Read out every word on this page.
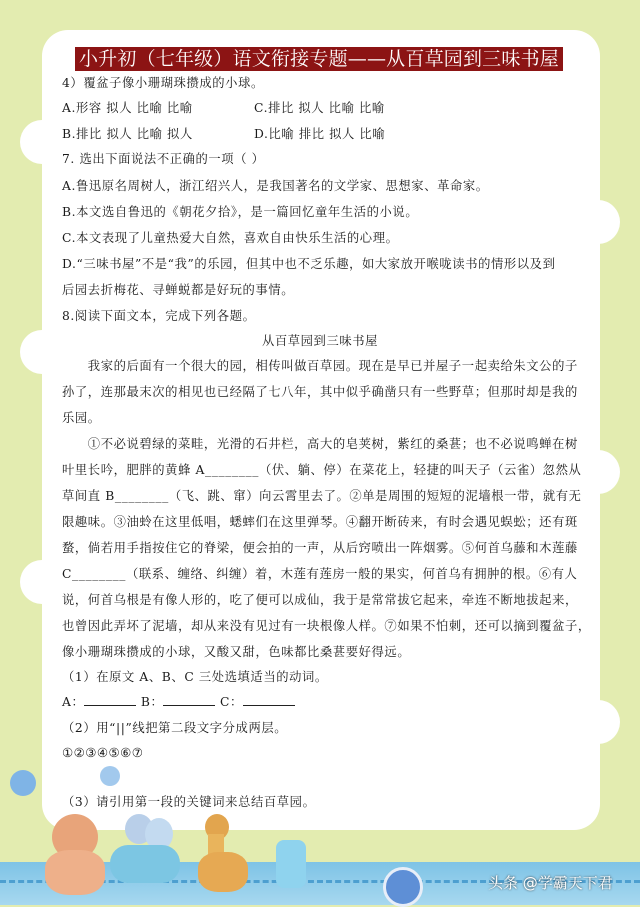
小升初（七年级）语文衔接专题——从百草园到三味书屋
4）覆盆子像小珊瑚珠攒成的小球。
A.形容 拟人 比喻 比喻	C.排比 拟人 比喻 比喻
B.排比 拟人 比喻 拟人	D.比喻 排比 拟人 比喻
7. 选出下面说法不正确的一项（ ）
A.鲁迅原名周树人，浙江绍兴人，是我国著名的文学家、思想家、革命家。
B.本文选自鲁迅的《朝花夕拾》，是一篇回忆童年生活的小说。
C.本文表现了儿童热爱大自然，喜欢自由快乐生活的心理。
D.“三味书屋”不是“我”的乐园，但其中也不乏乐趣，如大家放开喉咙读书的情形以及到
后园去折梅花、寻蝉蜕都是好玩的事情。
8.阅读下面文本，完成下列各题。
从百草园到三味书屋
　　我家的后面有一个很大的园，相传叫做百草园。现在是早已并屋子一起卖给朱文公的子
孙了，连那最末次的相见也已经隔了七八年，其中似乎确凿只有一些野草；但那时却是我的
乐园。
　　①不必说碧绿的菜畦，光滑的石井栏，高大的皂荚树，紫红的桑葚；也不必说鸣蝉在树
叶里长吟，肥胖的黄蜂 A________（伏、躺、停）在菜花上，轻捷的叫天子（云雀）忽然从
草间直 B________（飞、跳、窜）向云霄里去了。②单是周围的短短的泥墙根一带，就有无
限趣味。③油蛉在这里低唱，蟋蟀们在这里弹琴。④翻开断砖来，有时会遇见蜈蚣；还有斑
蝥，倘若用手指按住它的脊梁，便会拍的一声，从后窍喷出一阵烟雾。⑤何首乌藤和木莲藤
C________（联系、缠络、纠缠）着，木莲有莲房一般的果实，何首乌有拥肿的根。⑥有人
说，何首乌根是有像人形的，吃了便可以成仙，我于是常常拔它起来，牵连不断地拔起来，
也曾因此弄坏了泥墙，却从来没有见过有一块根像人样。⑦如果不怕刺，还可以摘到覆盆子，
像小珊瑚珠攒成的小球，又酸又甜，色味都比桑葚要好得远。
（1）在原文 A、B、C 三处选填适当的动词。
A：	B：	C：
（2）用“||”线把第二段文字分成两层。
①②③④⑤⑥⑦
（3）请引用第一段的关键词来总结百草园。
头条 @学霸天下君
